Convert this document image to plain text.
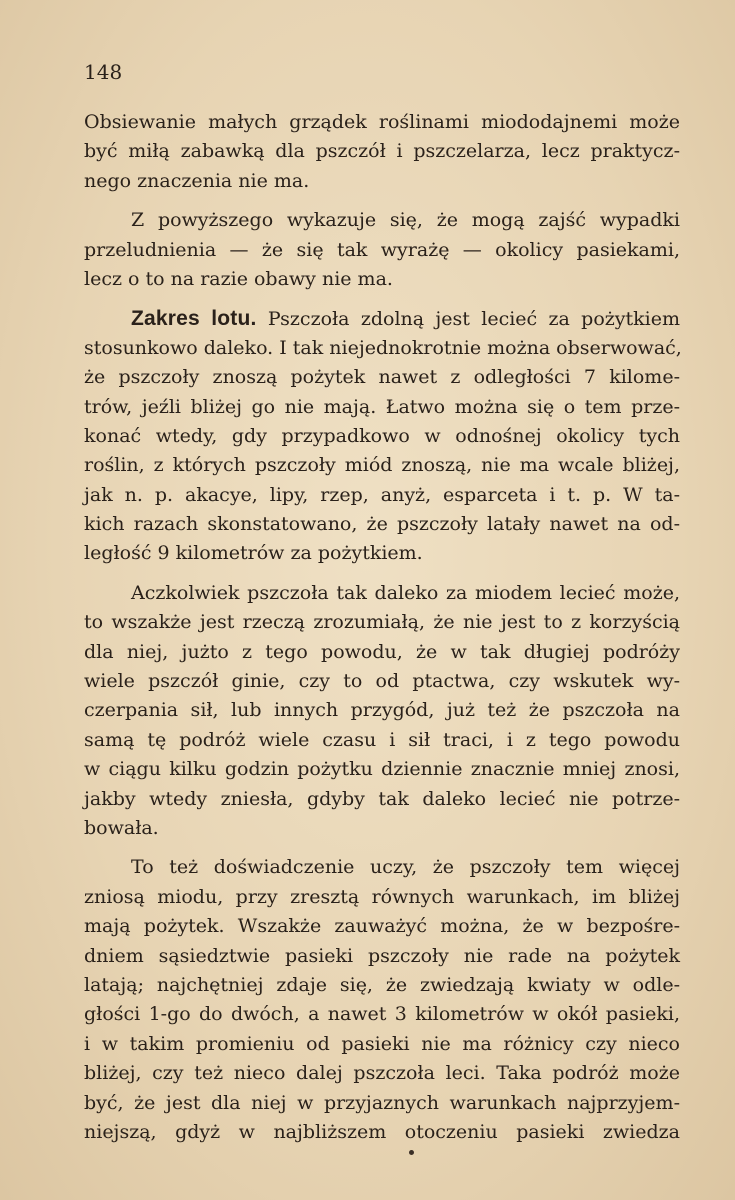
148
Obsiewanie małych grządek roślinami miododajnemi może
być miłą zabawką dla pszczół i pszczelarza, lecz praktycz-
nego znaczenia nie ma.
Z powyższego wykazuje się, że mogą zajść wypadki
przeludnienia — że się tak wyrażę — okolicy pasiekami,
lecz o to na razie obawy nie ma.
Zakres lotu. Pszczoła zdolną jest lecieć za pożytkiem
stosunkowo daleko. I tak niejednokrotnie można obserwować,
że pszczoły znoszą pożytek nawet z odległości 7 kilome-
trów, jeźli bliżej go nie mają. Łatwo można się o tem prze-
konać wtedy, gdy przypadkowo w odnośnej okolicy tych
roślin, z których pszczoły miód znoszą, nie ma wcale bliżej,
jak n. p. akacye, lipy, rzep, anyż, esparceta i t. p. W ta-
kich razach skonstatowano, że pszczoły latały nawet na od-
ległość 9 kilometrów za pożytkiem.
Aczkolwiek pszczoła tak daleko za miodem lecieć może,
to wszakże jest rzeczą zrozumiałą, że nie jest to z korzyścią
dla niej, jużto z tego powodu, że w tak długiej podróży
wiele pszczół ginie, czy to od ptactwa, czy wskutek wy-
czerpania sił, lub innych przygód, już też że pszczoła na
samą tę podróż wiele czasu i sił traci, i z tego powodu
w ciągu kilku godzin pożytku dziennie znacznie mniej znosi,
jakby wtedy zniesła, gdyby tak daleko lecieć nie potrze-
bowała.
To też doświadczenie uczy, że pszczoły tem więcej
zniosą miodu, przy zresztą równych warunkach, im bliżej
mają pożytek. Wszakże zauważyć można, że w bezpośre-
dniem sąsiedztwie pasieki pszczoły nie rade na pożytek
latają; najchętniej zdaje się, że zwiedzają kwiaty w odle-
głości 1-go do dwóch, a nawet 3 kilometrów w okół pasieki,
i w takim promieniu od pasieki nie ma różnicy czy nieco
bliżej, czy też nieco dalej pszczoła leci. Taka podróż może
być, że jest dla niej w przyjaznych warunkach najprzyjem-
niejszą, gdyż w najbliższem otoczeniu pasieki zwiedza
